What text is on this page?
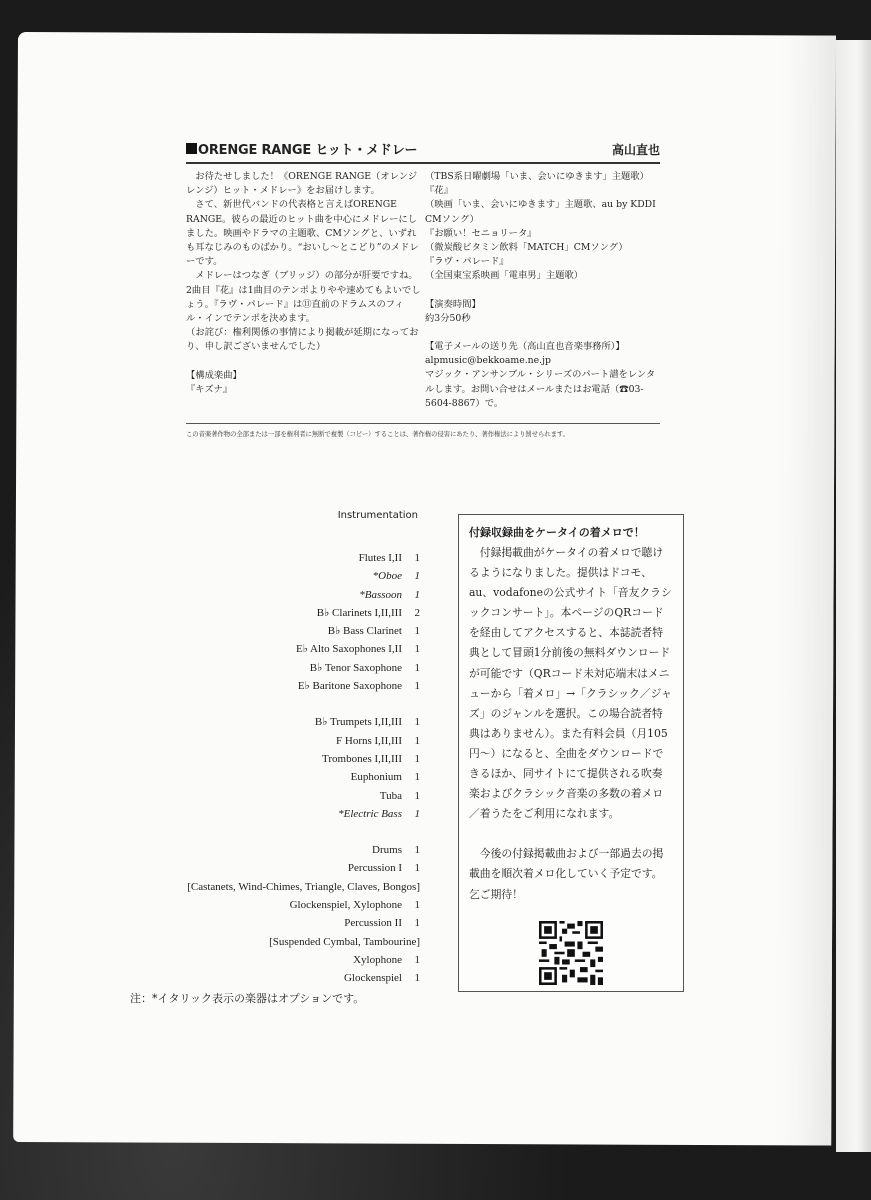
ORENGE RANGE ヒット・メドレー	高山直也

お待たせしました！《ORENGE RANGE（オレンジレンジ）ヒット・メドレー》をお届けします。

さて、新世代バンドの代表格と言えばORENGE RANGE。彼らの最近のヒット曲を中心にメドレーにしました。映画やドラマの主題歌、CMソングと、いずれも耳なじみのものばかり。“おいし〜とこどり”のメドレーです。

メドレーはつなぎ（ブリッジ）の部分が肝要ですね。2曲目『花』は1曲目のテンポよりやや速めてもよいでしょう。『ラヴ・パレード』は⑪直前のドラムスのフィル・インでテンポを決めます。

（お詫び：権利関係の事情により掲載が延期になっており、申し訳ございませんでした）

【構成楽曲】

『キズナ』

（TBS系日曜劇場「いま、会いにゆきます」主題歌）

『花』

（映画「いま、会いにゆきます」主題歌、au by KDDI CMソング）

『お願い！セニョリータ』

（微炭酸ビタミン飲料「MATCH」CMソング）

『ラヴ・パレード』

（全国東宝系映画「電車男」主題歌）

【演奏時間】

約3分50秒

【電子メールの送り先（高山直也音楽事務所）】

alpmusic@bekkoame.ne.jp

マジック・アンサンブル・シリーズのパート譜をレンタルします。お問い合せはメールまたはお電話（☎03-5604-8867）で。

この音楽著作物の全部または一部を権利者に無断で複製（コピー）することは、著作権の侵害にあたり、著作権法により罰せられます。
Instrumentation
Flutes I,II	1
*Oboe	1
*Bassoon	1
B♭ Clarinets I,II,III	2
B♭ Bass Clarinet	1
E♭ Alto Saxophones I,II	1
B♭ Tenor Saxophone	1
E♭ Baritone Saxophone	1
B♭ Trumpets I,II,III	1
F Horns I,II,III	1
Trombones I,II,III	1
Euphonium	1
Tuba	1
*Electric Bass	1
Drums	1
Percussion I	1
[Castanets, Wind-Chimes, Triangle, Claves, Bongos]
Glockenspiel, Xylophone	1
Percussion II	1
[Suspended Cymbal, Tambourine]
Xylophone	1
Glockenspiel	1
注：*イタリック表示の楽器はオプションです。
付録収録曲をケータイの着メロで！

付録掲載曲がケータイの着メロで聴けるようになりました。提供はドコモ、au、vodafoneの公式サイト「音友クラシックコンサート」。本ページのQRコードを経由してアクセスすると、本誌読者特典として冒頭1分前後の無料ダウンロードが可能です（QRコード未対応端末はメニューから「着メロ」→「クラシック／ジャズ」のジャンルを選択。この場合読者特典はありません）。また有料会員（月105円〜）になると、全曲をダウンロードできるほか、同サイトにて提供される吹奏楽およびクラシック音楽の多数の着メロ／着うたをご利用になれます。

今後の付録掲載曲および一部過去の掲載曲を順次着メロ化していく予定です。乞ご期待！
